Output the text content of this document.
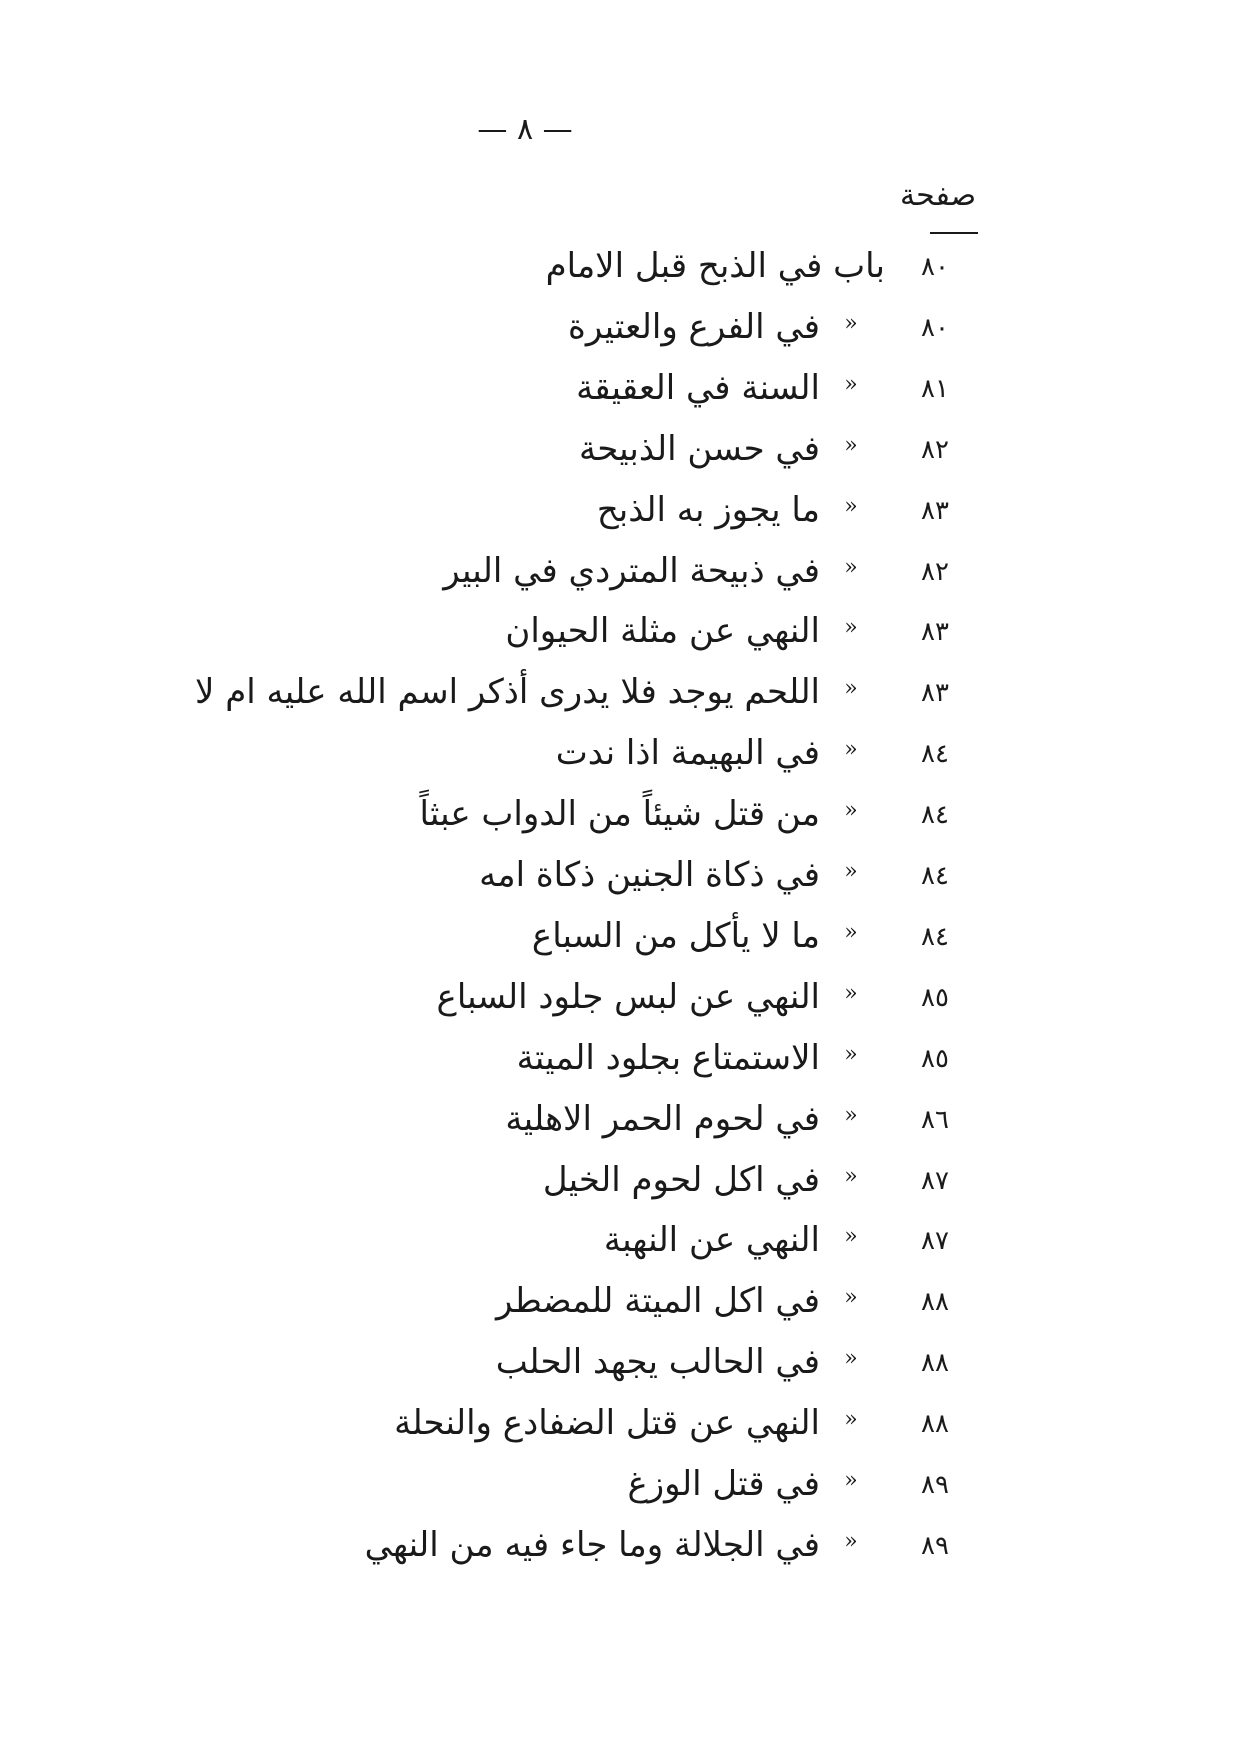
— ٨ —
صفحة
٨٠
باب في الذبح قبل الامام
٨٠
»
في الفرع والعتيرة
٨١
»
السنة في العقيقة
٨٢
»
في حسن الذبيحة
٨٣
»
ما يجوز به الذبح
٨٢
»
في ذبيحة المتردي في البير
٨٣
»
النهي عن مثلة الحيوان
٨٣
»
اللحم يوجد فلا يدرى أذكر اسم الله عليه ام لا
٨٤
»
في البهيمة اذا ندت
٨٤
»
من قتل شيئاً من الدواب عبثاً
٨٤
»
في ذكاة الجنين ذكاة امه
٨٤
»
ما لا يأكل من السباع
٨٥
»
النهي عن لبس جلود السباع
٨٥
»
الاستمتاع بجلود الميتة
٨٦
»
في لحوم الحمر الاهلية
٨٧
»
في اكل لحوم الخيل
٨٧
»
النهي عن النهبة
٨٨
»
في اكل الميتة للمضطر
٨٨
»
في الحالب يجهد الحلب
٨٨
»
النهي عن قتل الضفادع والنحلة
٨٩
»
في قتل الوزغ
٨٩
»
في الجلالة وما جاء فيه من النهي
